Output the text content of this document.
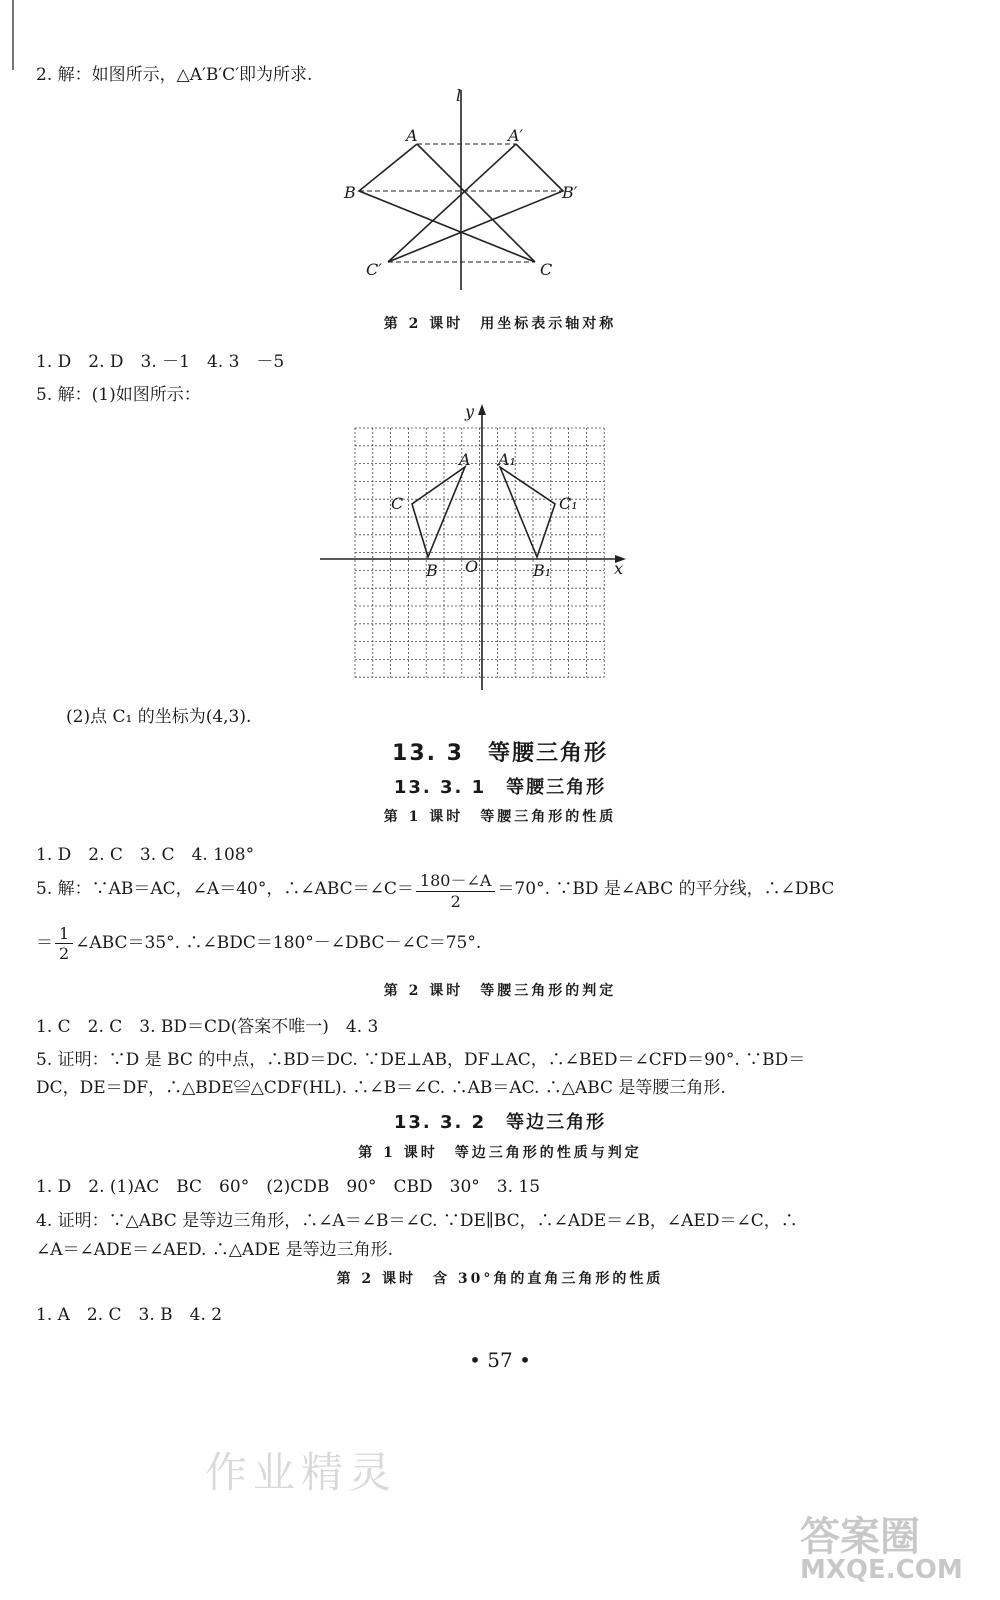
2. 解：如图所示，△A′B′C′即为所求.
l
A	A′
B	B′
C′	C
第 2 课时　用坐标表示轴对称
1. D　2. D　3. －1　4. 3　－5
5. 解：(1)如图所示：
y
x
O
A A₁
C	C₁
B	B₁
(2)点 C₁ 的坐标为(4,3).
13. 3　等腰三角形
13. 3. 1　等腰三角形
第 1 课时　等腰三角形的性质
1. D　2. C　3. C　4. 108°
5. 解：∵AB＝AC，∠A＝40°，∴∠ABC＝∠C＝ $\frac{180-\angle A}{2} =70^\circ$. ∵BD 是∠ABC 的平分线，∴∠DBC
＝ $\frac{1}{2}$ ∠ABC＝35°. ∴∠BDC＝180°－∠DBC－∠C＝75°.
第 2 课时　等腰三角形的判定
1. C　2. C　3. BD＝CD(答案不唯一)　4. 3
5. 证明：∵D 是 BC 的中点，∴BD＝DC. ∵DE⊥AB，DF⊥AC，∴∠BED＝∠CFD＝90°. ∵BD＝
DC，DE＝DF，∴△BDE≌△CDF(HL). ∴∠B＝∠C. ∴AB＝AC. ∴△ABC 是等腰三角形.
13. 3. 2　等边三角形
第 1 课时　等边三角形的性质与判定
1. D　2. (1)AC　BC　60°　(2)CDB　90°　CBD　30°　3. 15
4. 证明：∵△ABC 是等边三角形，∴∠A＝∠B＝∠C. ∵DE∥BC，∴∠ADE＝∠B，∠AED＝∠C，∴
∠A＝∠ADE＝∠AED. ∴△ADE 是等边三角形.
第 2 课时　含 30°角的直角三角形的性质
1. A　2. C　3. B　4. 2
• 57 •
作业精灵
答案圈
MXQE.COM
